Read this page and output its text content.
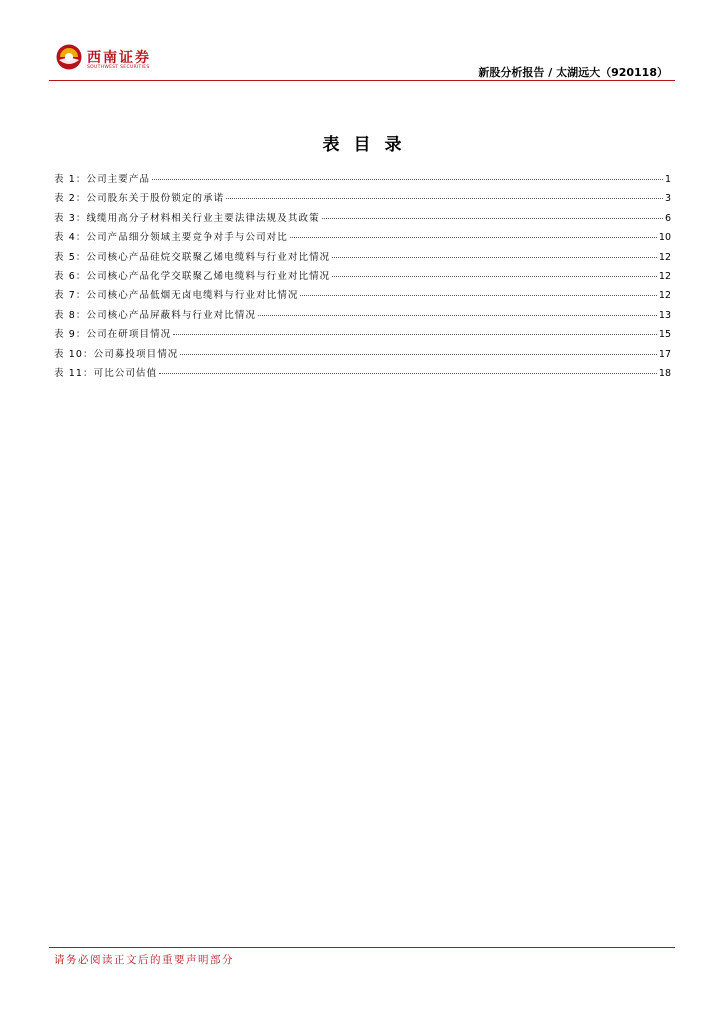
西南证券
SOUTHWEST SECURITIES	新股分析报告 / 太湖远大（920118）
表目录
表 1：公司主要产品	1
表 2：公司股东关于股份锁定的承诺	3
表 3：线缆用高分子材料相关行业主要法律法规及其政策	6
表 4：公司产品细分领域主要竞争对手与公司对比	10
表 5：公司核心产品硅烷交联聚乙烯电缆料与行业对比情况	12
表 6：公司核心产品化学交联聚乙烯电缆料与行业对比情况	12
表 7：公司核心产品低烟无卤电缆料与行业对比情况	12
表 8：公司核心产品屏蔽料与行业对比情况	13
表 9：公司在研项目情况	15
表 10：公司募投项目情况	17
表 11：可比公司估值	18
请务必阅读正文后的重要声明部分
